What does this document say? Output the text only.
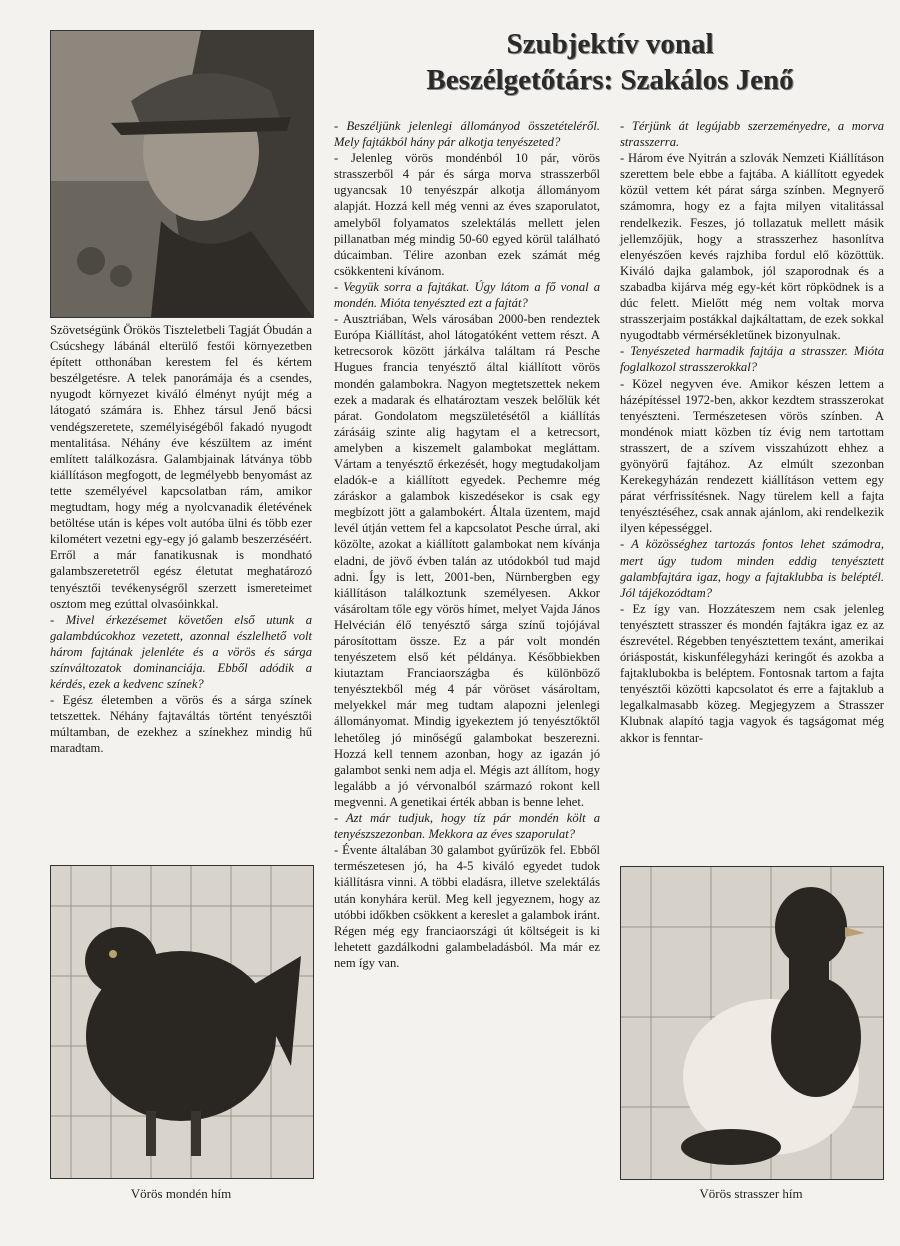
Szubjektív vonal
Beszélgetőtárs: Szakálos Jenő
Vörös mondén hím	Vörös strasszer hím

Szövetségünk Örökös Tiszteletbeli Tagját Óbudán a Csúcshegy lábánál elterülő festői környezetben épített otthonában kerestem fel és kértem beszélgetésre. A telek panorámája és a csendes, nyugodt környezet kiváló élményt nyújt még a látogató számára is. Ehhez társul Jenő bácsi vendégszeretete, személyiségéből fakadó nyugodt mentalitása. Néhány éve készültem az imént említett találkozásra. Galambjainak látványa több kiállításon megfogott, de legmélyebb benyomást az tette személyével kapcsolatban rám, amikor megtudtam, hogy még a nyolcvanadik életévének betöltése után is képes volt autóba ülni és több ezer kilométert vezetni egy-egy jó galamb beszerzéséért. Erről a már fanatikusnak is mondható galambszeretetről egész életutat meghatározó tenyésztői tevékenységről szerzett ismereteimet osztom meg ezúttal olvasóinkkal.

- Mivel érkezésemet követően első utunk a galambdúcokhoz vezetett, azonnal észlelhető volt három fajtának jelenléte és a vörös és sárga színváltozatok dominanciája. Ebből adódik a kérdés, ezek a kedvenc színek?

- Egész életemben a vörös és a sárga színek tetszettek. Néhány fajtaváltás történt tenyésztői múltamban, de ezekhez a színekhez mindig hű maradtam.

- Beszéljünk jelenlegi állományod összetételéről. Mely fajtákból hány pár alkotja tenyészeted?

- Jelenleg vörös mondénból 10 pár, vörös strasszerből 4 pár és sárga morva strasszerből ugyancsak 10 tenyészpár alkotja állományom alapját. Hozzá kell még venni az éves szaporulatot, amelyből folyamatos szelektálás mellett jelen pillanatban még mindig 50-60 egyed körül található dúcaimban. Télire azonban ezek számát még csökkenteni kívánom.

- Vegyük sorra a fajtákat. Úgy látom a fő vonal a mondén. Mióta tenyészted ezt a fajtát?

- Ausztriában, Wels városában 2000-ben rendeztek Európa Kiállítást, ahol látogatóként vettem részt. A ketrecsorok között járkálva találtam rá Pesche Hugues francia tenyésztő által kiállított vörös mondén galambokra. Nagyon megtetszettek nekem ezek a madarak és elhatároztam veszek belőlük két párat. Gondolatom megszületésétől a kiállítás zárásáig szinte alig hagytam el a ketrecsort, amelyben a kiszemelt galambokat megláttam. Vártam a tenyésztő érkezését, hogy megtudakoljam eladók-e a kiállított egyedek. Pechemre még záráskor a galambok kiszedésekor is csak egy megbízott jött a galambokért. Általa üzentem, majd levél útján vettem fel a kapcsolatot Pesche úrral, aki közölte, azokat a kiállított galambokat nem kívánja eladni, de jövő évben talán az utódokból tud majd adni. Így is lett, 2001-ben, Nürnbergben egy kiállításon találkoztunk személyesen. Akkor vásároltam tőle egy vörös hímet, melyet Vajda János Helvécián élő tenyésztő sárga színű tojójával párosítottam össze. Ez a pár volt mondén tenyészetem első két példánya. Későbbiekben kiutaztam Franciaországba és különböző tenyésztekből még 4 pár vöröset vásároltam, melyekkel már meg tudtam alapozni jelenlegi állományomat. Mindig igyekeztem jó tenyésztőktől lehetőleg jó minőségű galambokat beszerezni. Hozzá kell tennem azonban, hogy az igazán jó galambot senki nem adja el. Mégis azt állítom, hogy legalább a jó vérvonalból származó rokont kell megvenni. A genetikai érték abban is benne lehet.

- Azt már tudjuk, hogy tíz pár mondén költ a tenyészszezonban. Mekkora az éves szaporulat?

- Évente általában 30 galambot gyűrűzök fel. Ebből természetesen jó, ha 4-5 kiváló egyedet tudok kiállításra vinni. A többi eladásra, illetve szelektálás után konyhára kerül. Meg kell jegyeznem, hogy az utóbbi időkben csökkent a kereslet a galambok iránt. Régen még egy franciaországi út költségeit is ki lehetett gazdálkodni galambeladásból. Ma már ez nem így van.

- Térjünk át legújabb szerzeményedre, a morva strasszerra.

- Három éve Nyitrán a szlovák Nemzeti Kiállításon szerettem bele ebbe a fajtába. A kiállított egyedek közül vettem két párat sárga színben. Megnyerő számomra, hogy ez a fajta milyen vitalitással rendelkezik. Feszes, jó tollazatuk mellett másik jellemzőjük, hogy a strasszerhez hasonlítva elenyészően kevés rajzhiba fordul elő közöttük. Kiváló dajka galambok, jól szaporodnak és a szabadba kijárva még egy-két kört röpködnek is a dúc felett. Mielőtt még nem voltak morva strasszerjaim postákkal dajkáltattam, de ezek sokkal nyugodtabb vérmérsékletűnek bizonyulnak.

- Tenyészeted harmadik fajtája a strasszer. Mióta foglalkozol strasszerokkal?

- Közel negyven éve. Amikor készen lettem a házépítéssel 1972-ben, akkor kezdtem strasszerokat tenyészteni. Természetesen vörös színben. A mondénok miatt közben tíz évig nem tartottam strasszert, de a szívem visszahúzott ehhez a gyönyörű fajtához. Az elmúlt szezonban Kerekegyházán rendezett kiállításon vettem egy párat vérfrissítésnek. Nagy türelem kell a fajta tenyésztéséhez, csak annak ajánlom, aki rendelkezik ilyen képességgel.

- A közösséghez tartozás fontos lehet számodra, mert úgy tudom minden eddig tenyésztett galambfajtára igaz, hogy a fajtaklubba is beléptél. Jól tájékozódtam?

- Ez így van. Hozzáteszem nem csak jelenleg tenyésztett strasszer és mondén fajtákra igaz ez az észrevétel. Régebben tenyésztettem texánt, amerikai óriáspostát, kiskunfélegyházi keringőt és azokba a fajtaklubokba is beléptem. Fontosnak tartom a fajta tenyésztői közötti kapcsolatot és erre a fajtaklub a legalkalmasabb közeg. Megjegyzem a Strasszer Klubnak alapító tagja vagyok és tagságomat még akkor is fenntar-
